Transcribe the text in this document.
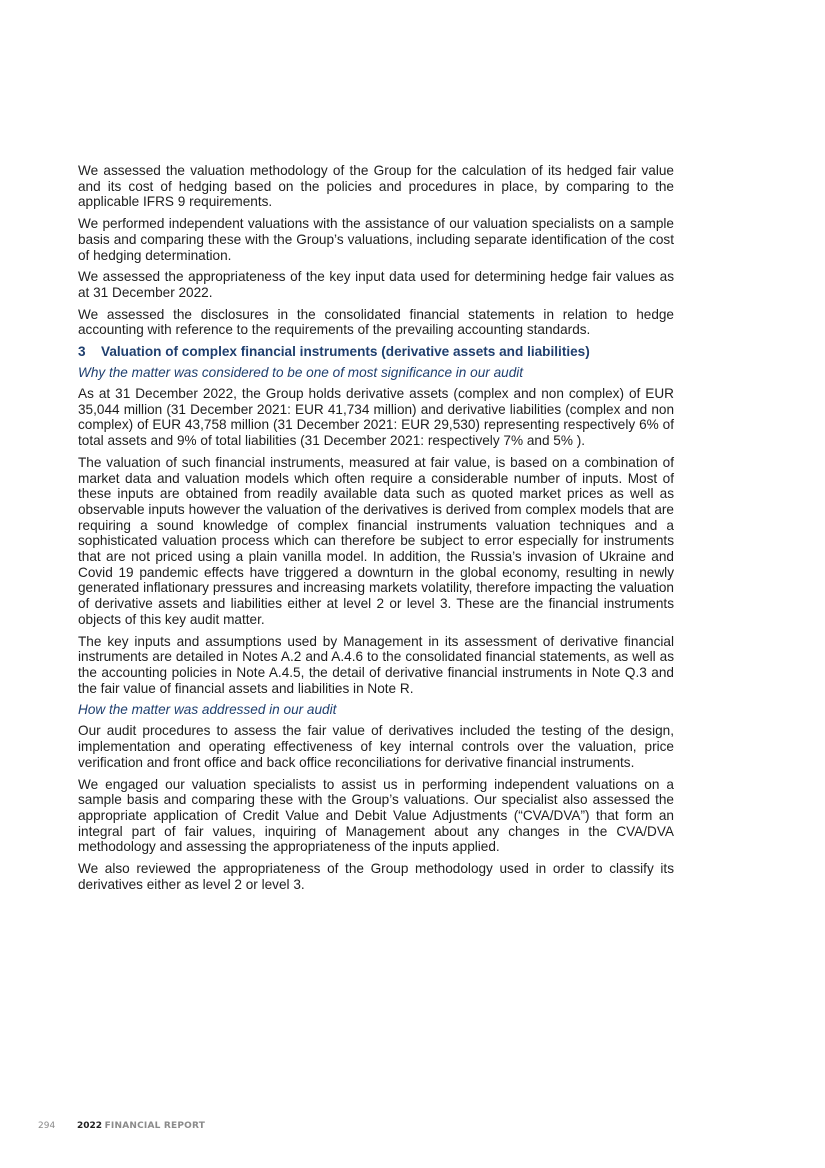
We assessed the valuation methodology of the Group for the calculation of its hedged fair value and its cost of hedging based on the policies and procedures in place, by comparing to the applicable IFRS 9 requirements.

We performed independent valuations with the assistance of our valuation specialists on a sample basis and comparing these with the Group’s valuations, including separate identification of the cost of hedging determination.

We assessed the appropriateness of the key input data used for determining hedge fair values as at 31 December 2022.

We assessed the disclosures in the consolidated financial statements in relation to hedge accounting with reference to the requirements of the prevailing accounting standards.

3 Valuation of complex financial instruments (derivative assets and liabilities)
Why the matter was considered to be one of most significance in our audit

As at 31 December 2022, the Group holds derivative assets (complex and non complex) of EUR 35,044 million (31 December 2021: EUR 41,734 million) and derivative liabilities (complex and non complex) of EUR 43,758 million (31 December 2021: EUR 29,530) representing respectively 6% of total assets and 9% of total liabilities (31 December 2021: respectively 7% and 5% ).

The valuation of such financial instruments, measured at fair value, is based on a combination of market data and valuation models which often require a considerable number of inputs. Most of these inputs are obtained from readily available data such as quoted market prices as well as observable inputs however the valuation of the derivatives is derived from complex models that are requiring a sound knowledge of complex financial instruments valuation techniques and a sophisticated valuation process which can therefore be subject to error especially for instruments that are not priced using a plain vanilla model. In addition, the Russia’s invasion of Ukraine and Covid 19 pandemic effects have triggered a downturn in the global economy, resulting in newly generated inflationary pressures and increasing markets volatility, therefore impacting the valuation of derivative assets and liabilities either at level 2 or level 3. These are the financial instruments objects of this key audit matter.

The key inputs and assumptions used by Management in its assessment of derivative financial instruments are detailed in Notes A.2 and A.4.6 to the consolidated financial statements, as well as the accounting policies in Note A.4.5, the detail of derivative financial instruments in Note Q.3 and the fair value of financial assets and liabilities in Note R.

How the matter was addressed in our audit

Our audit procedures to assess the fair value of derivatives included the testing of the design, implementation and operating effectiveness of key internal controls over the valuation, price verification and front office and back office reconciliations for derivative financial instruments.

We engaged our valuation specialists to assist us in performing independent valuations on a sample basis and comparing these with the Group’s valuations. Our specialist also assessed the appropriate application of Credit Value and Debit Value Adjustments (“CVA/DVA”) that form an integral part of fair values, inquiring of Management about any changes in the CVA/DVA methodology and assessing the appropriateness of the inputs applied.

We also reviewed the appropriateness of the Group methodology used in order to classify its derivatives either as level 2 or level 3.

294 2022 FINANCIAL REPORT
